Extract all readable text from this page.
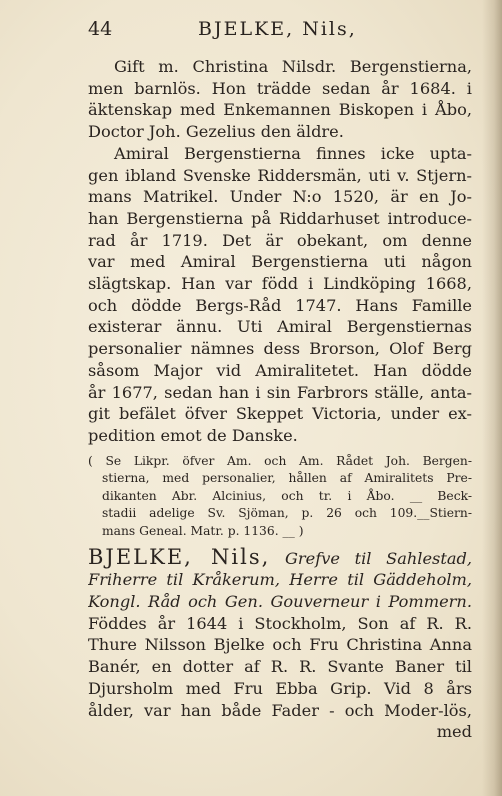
44	BJELKE, Nils,
Gift m. Christina Nilsdr. Bergenstierna,
men barnlös. Hon trädde sedan år 1684. i
äktenskap med Enkemannen Biskopen i Åbo,
Doctor Joh. Gezelius den äldre.
Amiral Bergenstierna finnes icke upta-
gen ibland Svenske Riddersmän, uti v. Stjern-
mans Matrikel. Under N:o 1520, är en Jo-
han Bergenstierna på Riddarhuset introduce-
rad år 1719. Det är obekant, om denne
var med Amiral Bergenstierna uti någon
slägtskap. Han var född i Lindköping 1668,
och dödde Bergs-Råd 1747. Hans Famille
existerar ännu. Uti Amiral Bergenstiernas
personalier nämnes dess Brorson, Olof Berg
såsom Major vid Amiralitetet. Han dödde
år 1677, sedan han i sin Farbrors ställe, anta-
git befälet öfver Skeppet Victoria, under ex-
pedition emot de Danske.
( Se Likpr. öfver Am. och Am. Rådet Joh. Bergen-
stierna, med personalier, hållen af Amiralitets Pre-
dikanten Abr. Alcinius, och tr. i Åbo. __ Beck-
stadii adelige Sv. Sjöman, p. 26 och 109.__Stiern-
mans Geneal. Matr. p. 1136. __ )
BJELKE, Nils, Grefve til Sahlestad,
Friherre til Kråkerum, Herre til Gäddeholm,
Kongl. Råd och Gen. Gouverneur i Pommern.
Föddes år 1644 i Stockholm, Son af R. R.
Thure Nilsson Bjelke och Fru Christina Anna
Banér, en dotter af R. R. Svante Baner til
Djursholm med Fru Ebba Grip. Vid 8 års
ålder, var han både Fader - och Moder-lös,
med
